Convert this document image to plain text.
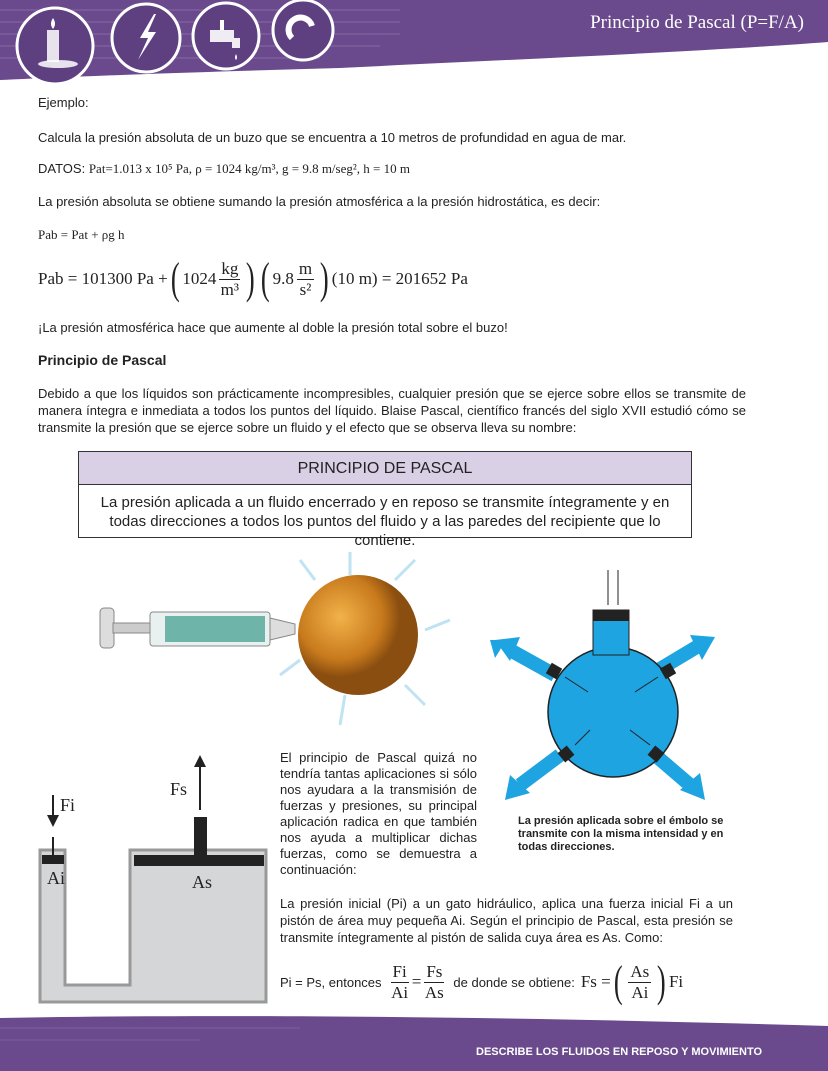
Principio de Pascal (P=F/A)
Ejemplo:
Calcula la presión absoluta de un buzo que se encuentra a 10 metros de profundidad en agua de mar.
DATOS: Pat=1.013 x 10⁵ Pa, ρ = 1024 kg/m³, g = 9.8 m/seg², h = 10 m
La presión absoluta se obtiene sumando la presión atmosférica a la presión hidrostática, es decir:
Pab = Pat + ρg h
Pab = 101300 Pa + ( $1024 \frac{kg}{\text{m³}}$ ) ( $9.8 \frac{m}{\text{s²}}$ ) (10 m)
= 201652 Pa
¡La presión atmosférica hace que aumente al doble la presión total sobre el buzo!
Principio de Pascal
Debido a que los líquidos son prácticamente incompresibles, cualquier presión que se ejerce sobre ellos se transmite de manera íntegra e inmediata a todos los puntos del líquido. Blaise Pascal, científico francés del siglo XVII estudió cómo se transmite la presión que se ejerce sobre un fluido y el efecto que se observa lleva su nombre:
PRINCIPIO DE PASCAL
La presión aplicada a un fluido encerrado y en reposo se transmite íntegramente y en todas direcciones a todos los puntos del fluido y a las paredes del recipiente que lo contiene.
La presión aplicada sobre el émbolo se transmite con la misma intensidad y en todas direcciones.
Fi
Fs
Ai	As
El principio de Pascal quizá no tendría tantas aplicaciones si sólo nos ayudara a la transmisión de fuerzas y presiones, su principal aplicación radica en que también nos ayuda a multiplicar dichas fuerzas, como se demuestra a continuación:
La presión inicial (Pi) a un gato hidráulico, aplica una fuerza inicial Fi a un pistón de área muy pequeña Ai. Según el principio de Pascal, esta presión se transmite íntegramente al pistón de salida cuya área es As. Como:
Pi = Ps, entonces $\frac{Fi}{Ai} = \frac{Fs}{As}$ de donde se obtiene: Fs = ( $\frac{As}{Ai}$ ) Fi
DESCRIBE LOS FLUIDOS EN REPOSO Y MOVIMIENTO
